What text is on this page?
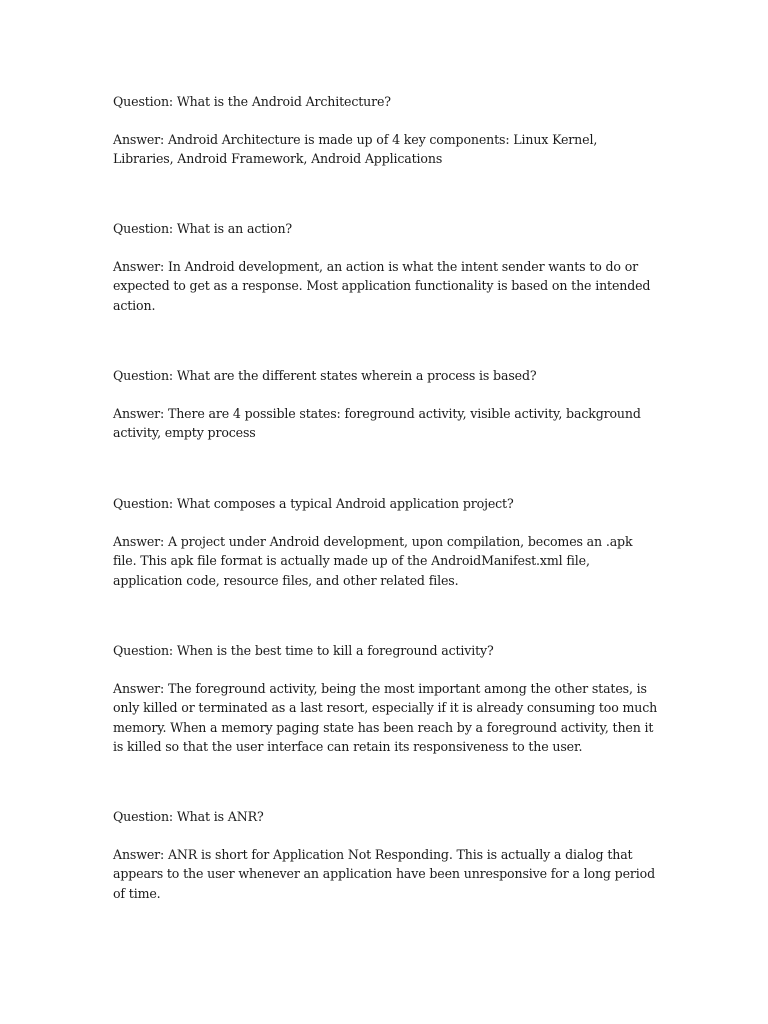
Question: What is the Android Architecture?

Answer: Android Architecture is made up of 4 key components: Linux Kernel, Libraries, Android Framework, Android Applications

Question: What is an action?

Answer: In Android development, an action is what the intent sender wants to do or expected to get as a response. Most application functionality is based on the intended action.

Question: What are the different states wherein a process is based?

Answer: There are 4 possible states: foreground activity, visible activity, background activity, empty process

Question: What composes a typical Android application project?

Answer: A project under Android development, upon compilation, becomes an .apk file. This apk file format is actually made up of the AndroidManifest.xml file, application code, resource files, and other related files.

Question: When is the best time to kill a foreground activity?

Answer: The foreground activity, being the most important among the other states, is only killed or terminated as a last resort, especially if it is already consuming too much memory. When a memory paging state has been reach by a foreground activity, then it is killed so that the user interface can retain its responsiveness to the user.

Question: What is ANR?

Answer: ANR is short for Application Not Responding. This is actually a dialog that appears to the user whenever an application have been unresponsive for a long period of time.
